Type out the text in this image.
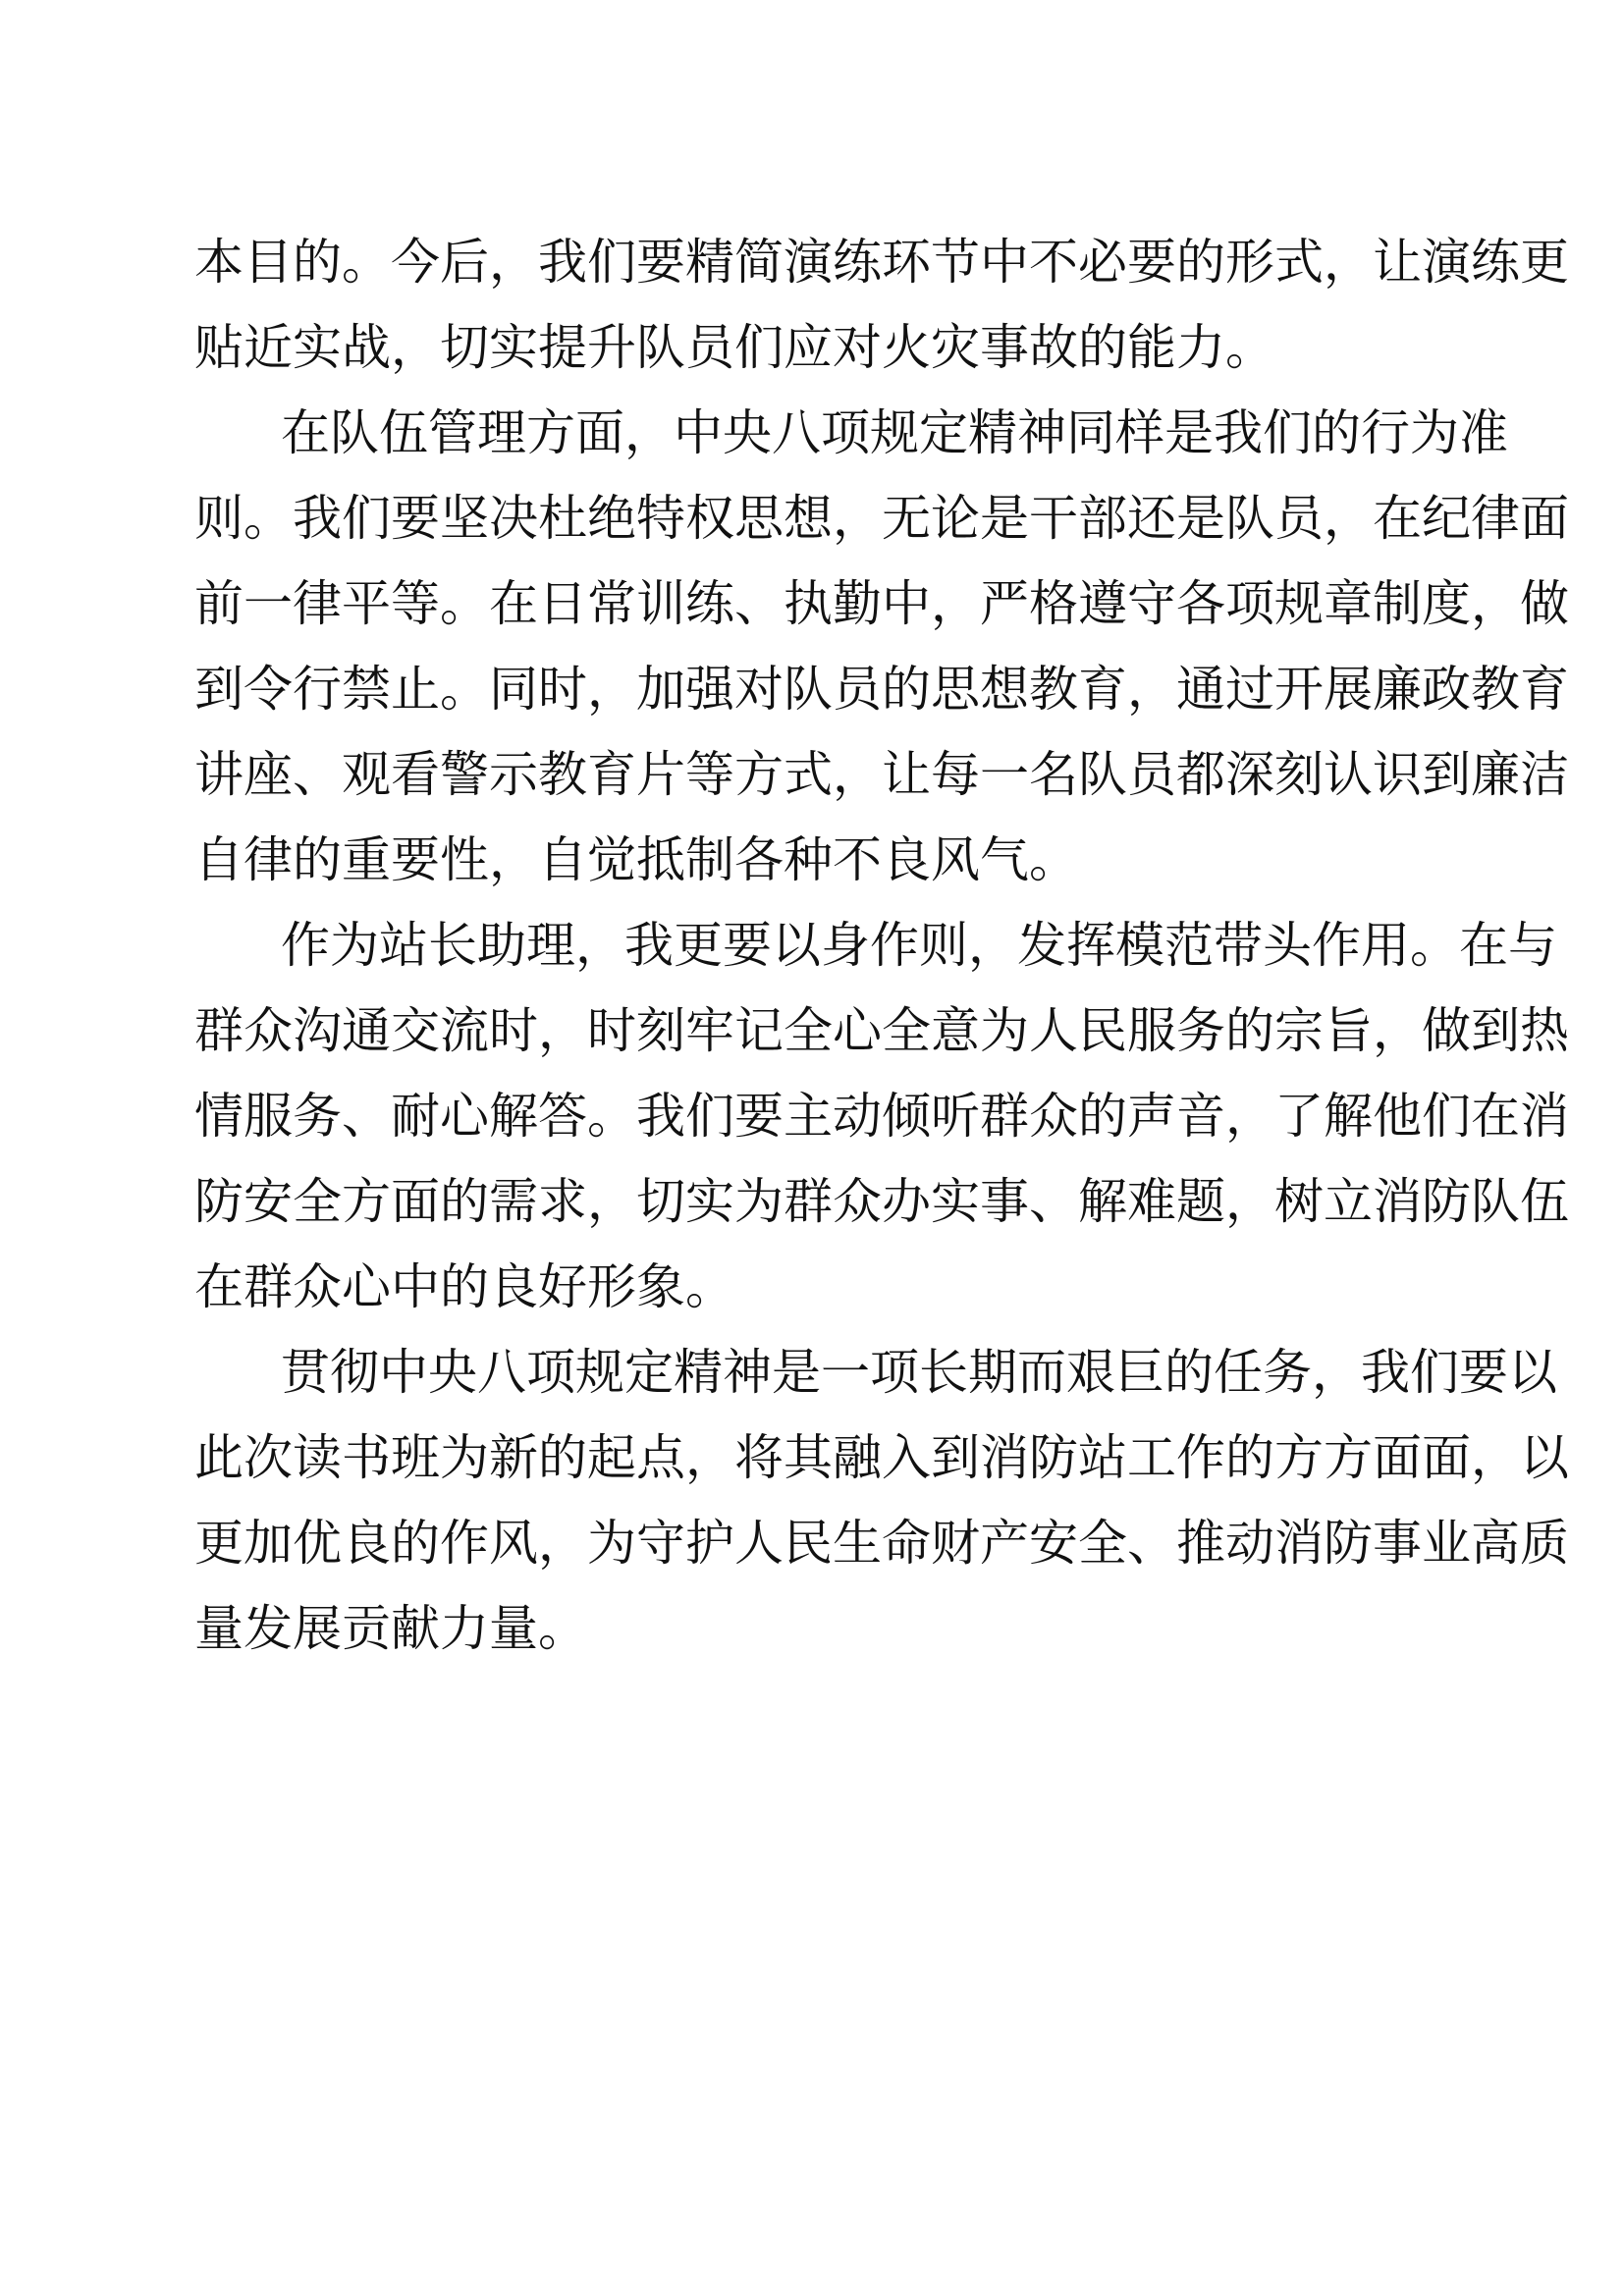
本目的。今后，我们要精简演练环节中不必要的形式，让演练更
贴近实战，切实提升队员们应对火灾事故的能力。
在队伍管理方面，中央八项规定精神同样是我们的行为准
则。我们要坚决杜绝特权思想，无论是干部还是队员，在纪律面
前一律平等。在日常训练、执勤中，严格遵守各项规章制度，做
到令行禁止。同时，加强对队员的思想教育，通过开展廉政教育
讲座、观看警示教育片等方式，让每一名队员都深刻认识到廉洁
自律的重要性，自觉抵制各种不良风气。
作为站长助理，我更要以身作则，发挥模范带头作用。在与
群众沟通交流时，时刻牢记全心全意为人民服务的宗旨，做到热
情服务、耐心解答。我们要主动倾听群众的声音，了解他们在消
防安全方面的需求，切实为群众办实事、解难题，树立消防队伍
在群众心中的良好形象。
贯彻中央八项规定精神是一项长期而艰巨的任务，我们要以
此次读书班为新的起点，将其融入到消防站工作的方方面面，以
更加优良的作风，为守护人民生命财产安全、推动消防事业高质
量发展贡献力量。
